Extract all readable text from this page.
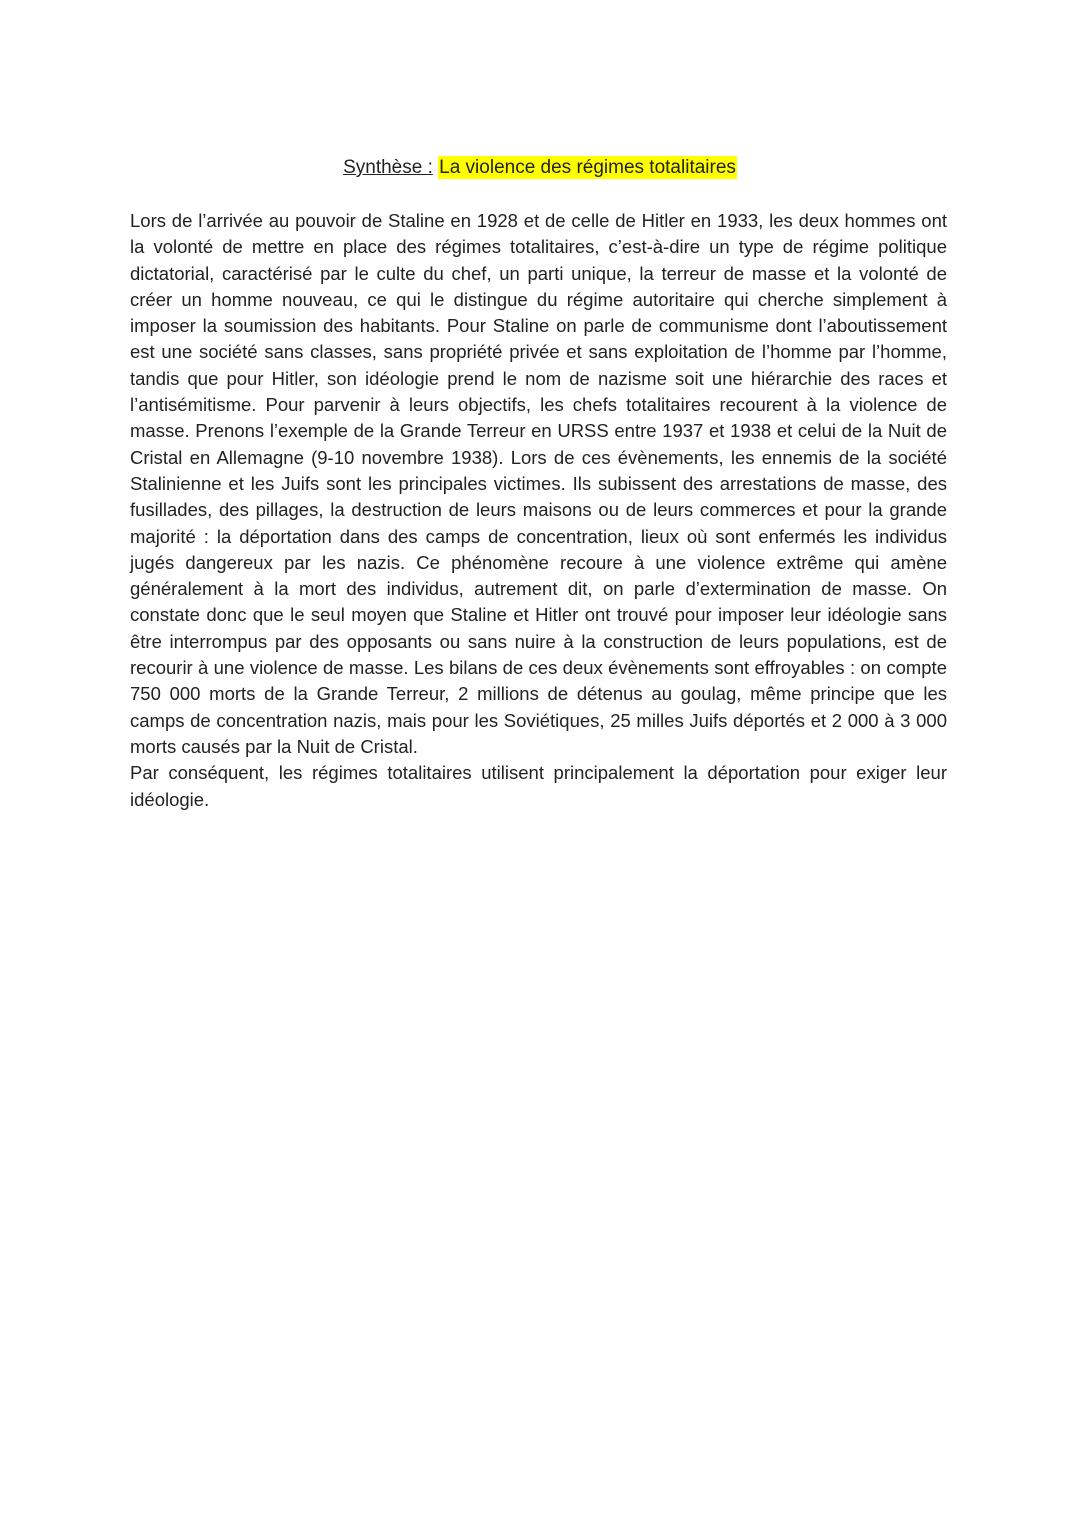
Synthèse : La violence des régimes totalitaires

Lors de l’arrivée au pouvoir de Staline en 1928 et de celle de Hitler en 1933, les deux hommes ont la volonté de mettre en place des régimes totalitaires, c’est-à-dire un type de régime politique dictatorial, caractérisé par le culte du chef, un parti unique, la terreur de masse et la volonté de créer un homme nouveau, ce qui le distingue du régime autoritaire qui cherche simplement à imposer la soumission des habitants. Pour Staline on parle de communisme dont l’aboutissement est une société sans classes, sans propriété privée et sans exploitation de l’homme par l’homme, tandis que pour Hitler, son idéologie prend le nom de nazisme soit une hiérarchie des races et l’antisémitisme. Pour parvenir à leurs objectifs, les chefs totalitaires recourent à la violence de masse. Prenons l’exemple de la Grande Terreur en URSS entre 1937 et 1938 et celui de la Nuit de Cristal en Allemagne (9-10 novembre 1938). Lors de ces évènements, les ennemis de la société Stalinienne et les Juifs sont les principales victimes. Ils subissent des arrestations de masse, des fusillades, des pillages, la destruction de leurs maisons ou de leurs commerces et pour la grande majorité : la déportation dans des camps de concentration, lieux où sont enfermés les individus jugés dangereux par les nazis. Ce phénomène recoure à une violence extrême qui amène généralement à la mort des individus, autrement dit, on parle d’extermination de masse. On constate donc que le seul moyen que Staline et Hitler ont trouvé pour imposer leur idéologie sans être interrompus par des opposants ou sans nuire à la construction de leurs populations, est de recourir à une violence de masse. Les bilans de ces deux évènements sont effroyables : on compte 750 000 morts de la Grande Terreur, 2 millions de détenus au goulag, même principe que les camps de concentration nazis, mais pour les Soviétiques, 25 milles Juifs déportés et 2 000 à 3 000 morts causés par la Nuit de Cristal.

Par conséquent, les régimes totalitaires utilisent principalement la déportation pour exiger leur idéologie.
